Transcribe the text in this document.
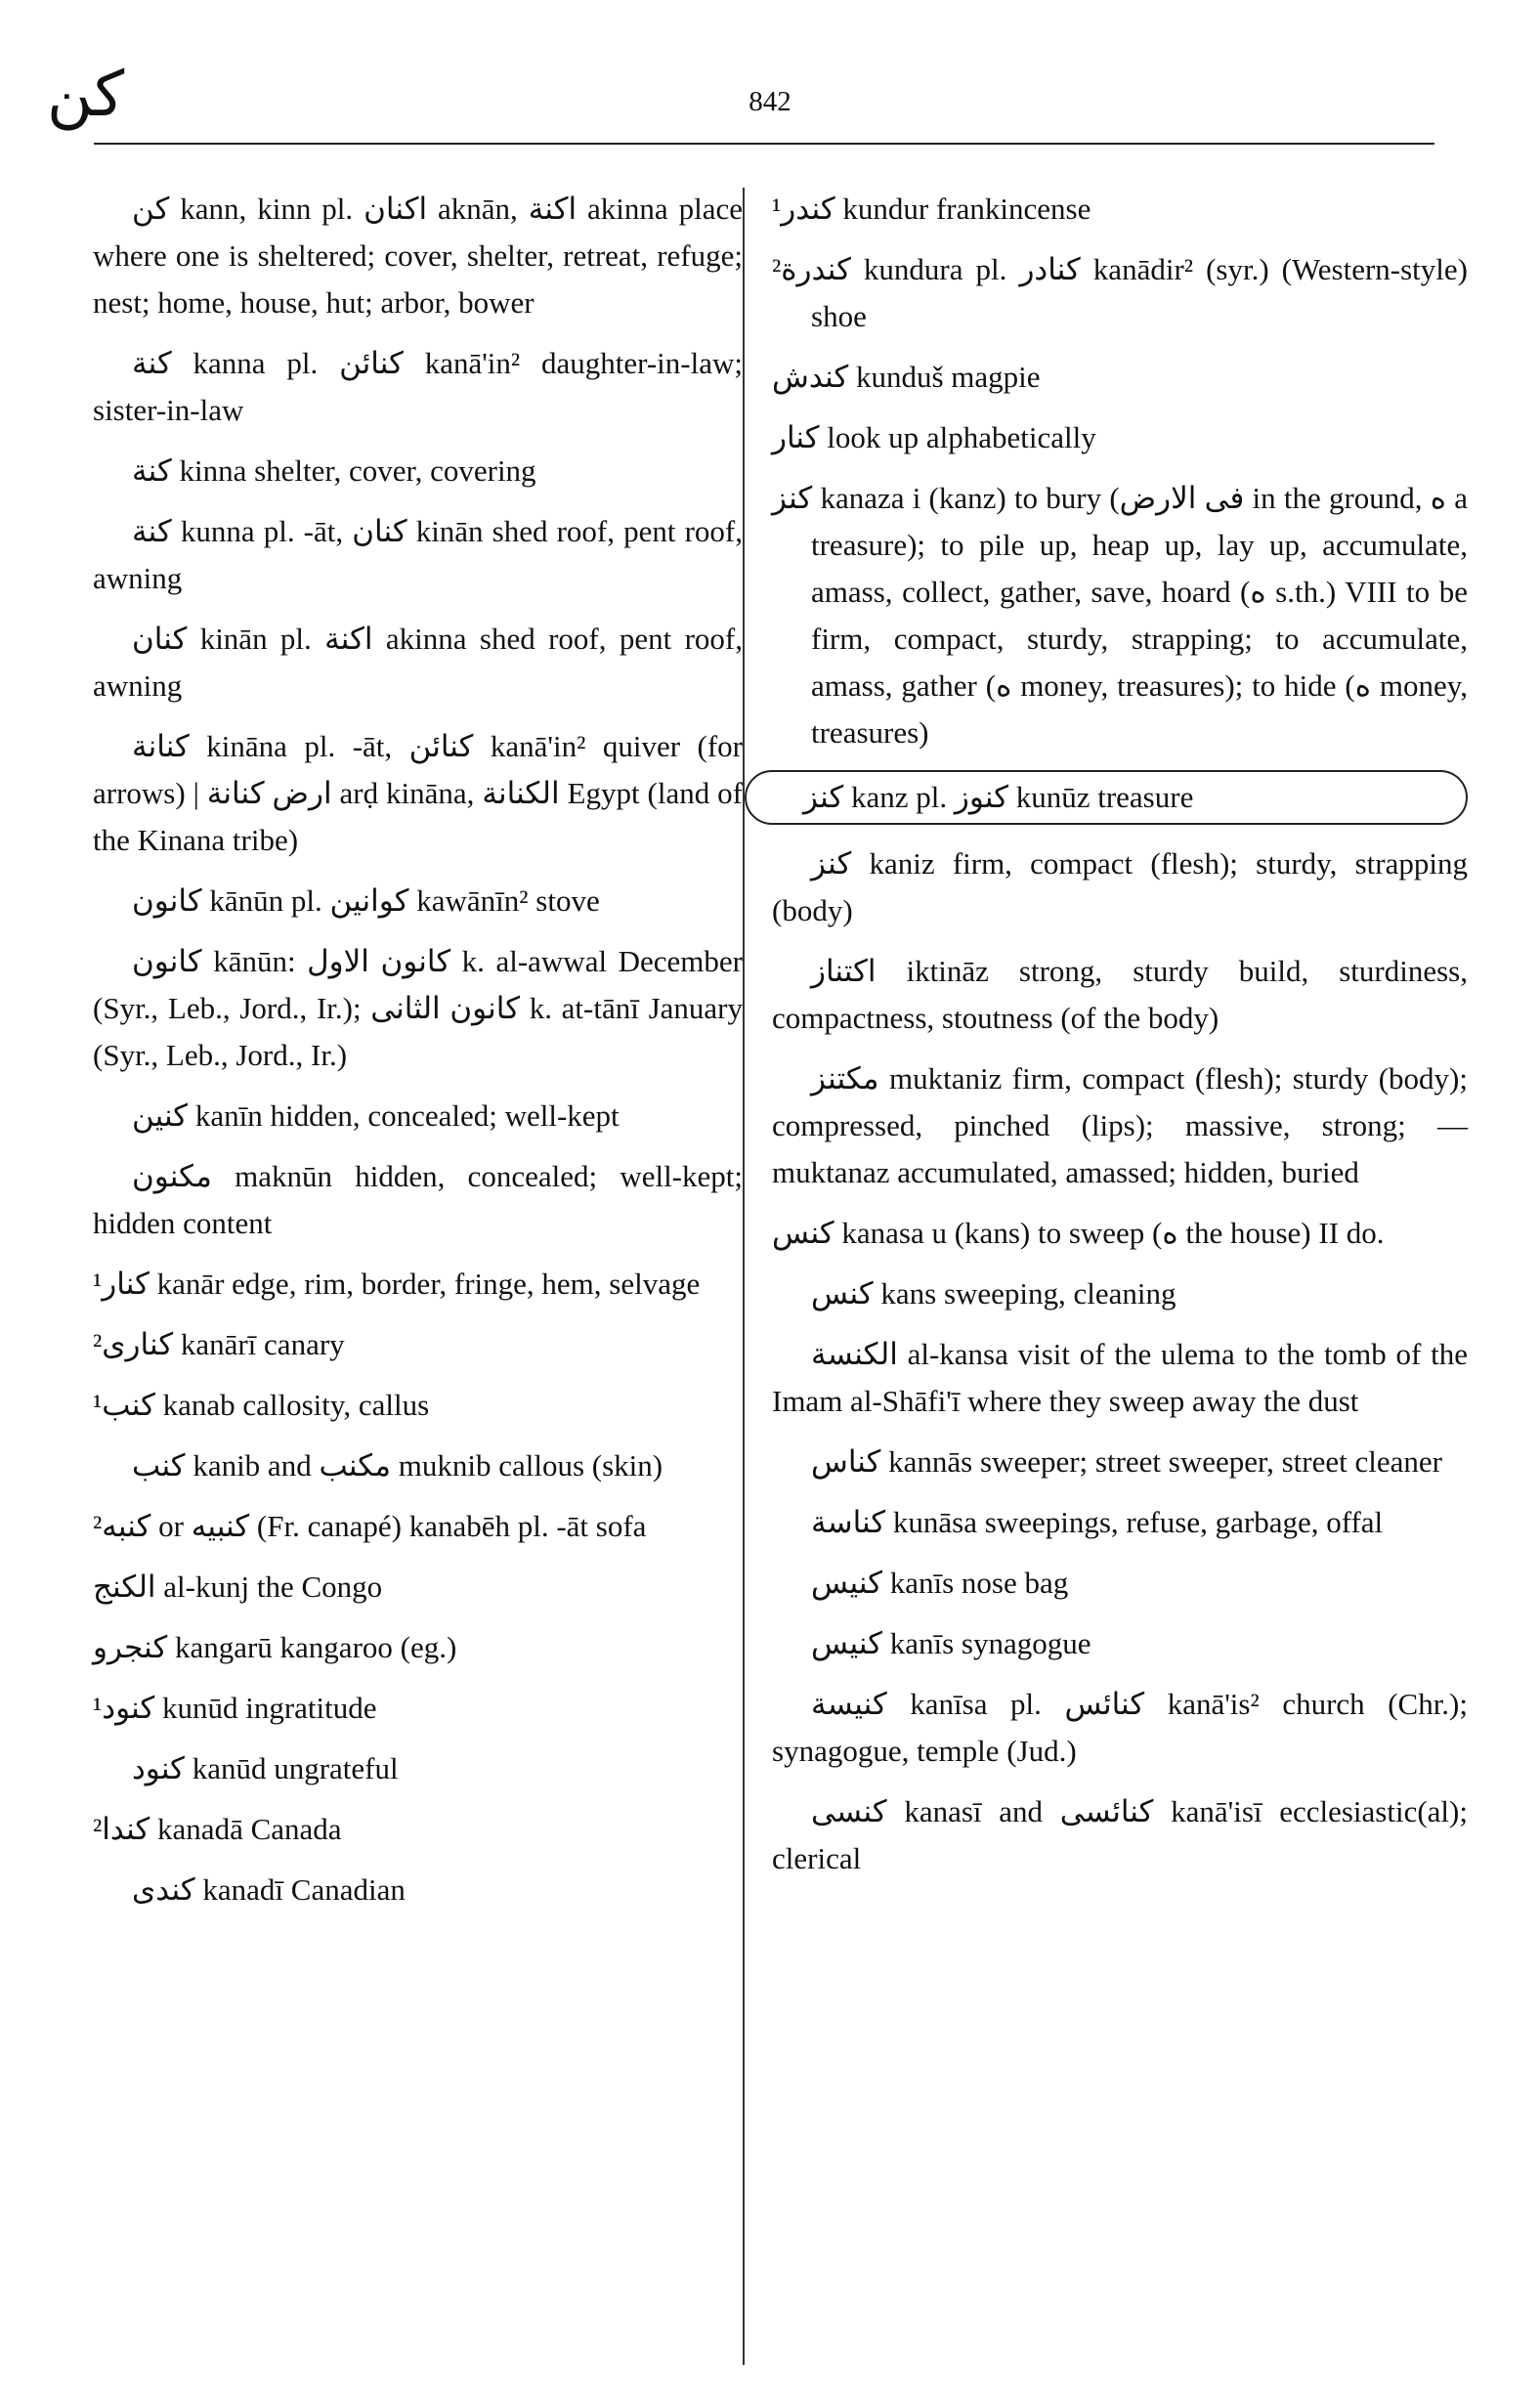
كن	842
كن kann, kinn pl. اكنان aknān, اكنة akinna place where one is sheltered; cover, shelter, retreat, refuge; nest; home, house, hut; arbor, bower
كنة kanna pl. كنائن kanā'in² daughter-in-law; sister-in-law
كنة kinna shelter, cover, covering
كنة kunna pl. -āt, كنان kinān shed roof, pent roof, awning
كنان kinān pl. اكنة akinna shed roof, pent roof, awning
كنانة kināna pl. -āt, كنائن kanā'in² quiver (for arrows) | ارض كنانة arḍ kināna, الكنانة Egypt (land of the Kinana tribe)
كانون kānūn pl. كوانين kawānīn² stove
كانون kānūn: كانون الاول k. al-awwal December (Syr., Leb., Jord., Ir.); كانون الثانى k. at-tānī January (Syr., Leb., Jord., Ir.)
كنين kanīn hidden, concealed; well-kept
مكنون maknūn hidden, concealed; well-kept; hidden content
¹كنار kanār edge, rim, border, fringe, hem, selvage
²كنارى kanārī canary
¹كنب kanab callosity, callus
كنب kanib and مكنب muknib callous (skin)
²كنبه or كنبيه (Fr. canapé) kanabēh pl. -āt sofa
الكنج al-kunj the Congo
كنجرو kangarū kangaroo (eg.)
¹كنود kunūd ingratitude
كنود kanūd ungrateful
²كندا kanadā Canada
كندى kanadī Canadian
¹كندر kundur frankincense
²كندرة kundura pl. كنادر kanādir² (syr.) (Western-style) shoe
كندش kunduš magpie
كنار look up alphabetically
كنز kanaza i (kanz) to bury (فى الارض in the ground, ه a treasure); to pile up, heap up, lay up, accumulate, amass, collect, gather, save, hoard (ه s.th.) VIII to be firm, compact, sturdy, strapping; to accumulate, amass, gather (ه money, treasures); to hide (ه money, treasures)
كنز kanz pl. كنوز kunūz treasure
كنز kaniz firm, compact (flesh); sturdy, strapping (body)
اكتناز iktināz strong, sturdy build, sturdiness, compactness, stoutness (of the body)
مكتنز muktaniz firm, compact (flesh); sturdy (body); compressed, pinched (lips); massive, strong; — muktanaz accumulated, amassed; hidden, buried
كنس kanasa u (kans) to sweep (ه the house) II do.
كنس kans sweeping, cleaning
الكنسة al-kansa visit of the ulema to the tomb of the Imam al-Shāfi'ī where they sweep away the dust
كناس kannās sweeper; street sweeper, street cleaner
كناسة kunāsa sweepings, refuse, garbage, offal
كنيس kanīs nose bag
كنيس kanīs synagogue
كنيسة kanīsa pl. كنائس kanā'is² church (Chr.); synagogue, temple (Jud.)
كنسى kanasī and كنائسى kanā'isī ecclesiastic(al); clerical
